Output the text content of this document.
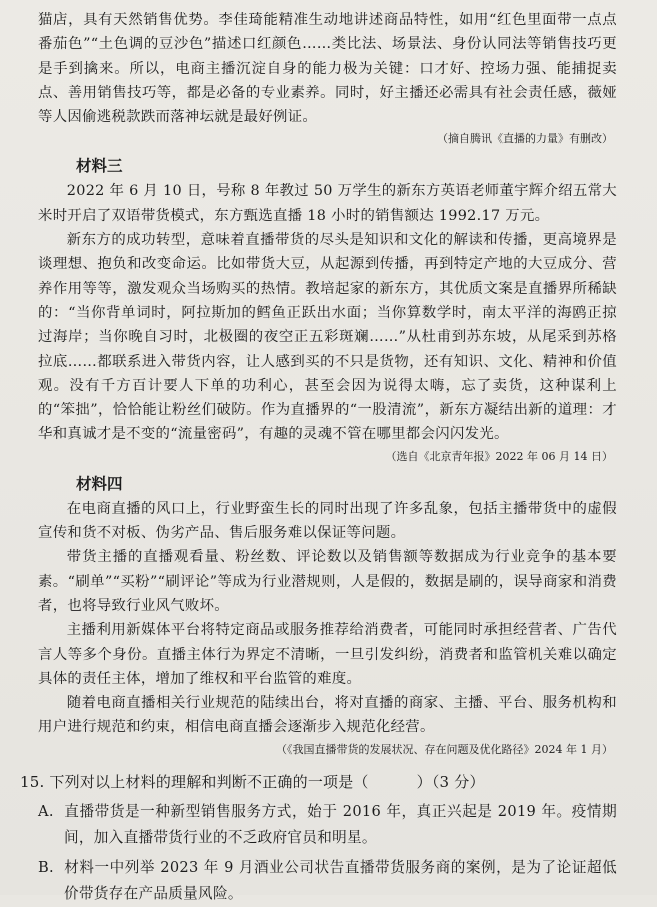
猫店，具有天然销售优势。李佳琦能精准生动地讲述商品特性，如用“红色里面带一点点番茄色”“土色调的豆沙色”描述口红颜色……类比法、场景法、身份认同法等销售技巧更是手到擒来。所以，电商主播沉淀自身的能力极为关键：口才好、控场力强、能捕捉卖点、善用销售技巧等，都是必备的专业素养。同时，好主播还必需具有社会责任感，薇娅等人因偷逃税款跌而落神坛就是最好例证。

（摘自腾讯《直播的力量》有删改）

材料三

2022 年 6 月 10 日，号称 8 年教过 50 万学生的新东方英语老师董宇辉介绍五常大米时开启了双语带货模式，东方甄选直播 18 小时的销售额达 1992.17 万元。

新东方的成功转型，意味着直播带货的尽头是知识和文化的解读和传播，更高境界是谈理想、抱负和改变命运。比如带货大豆，从起源到传播，再到特定产地的大豆成分、营养作用等等，激发观众当场购买的热情。教培起家的新东方，其优质文案是直播界所稀缺的：“当你背单词时，阿拉斯加的鳕鱼正跃出水面；当你算数学时，南太平洋的海鸥正掠过海岸；当你晚自习时，北极圈的夜空正五彩斑斓……”从杜甫到苏东坡，从尾采到苏格拉底……都联系进入带货内容，让人感到买的不只是货物，还有知识、文化、精神和价值观。没有千方百计要人下单的功利心，甚至会因为说得太嗨，忘了卖货，这种谋利上的“笨拙”，恰恰能让粉丝们破防。作为直播界的“一股清流”，新东方凝结出新的道理：才华和真诚才是不变的“流量密码”，有趣的灵魂不管在哪里都会闪闪发光。

（选自《北京青年报》2022 年 06 月 14 日）

材料四

在电商直播的风口上，行业野蛮生长的同时出现了许多乱象，包括主播带货中的虚假宣传和货不对板、伪劣产品、售后服务难以保证等问题。

带货主播的直播观看量、粉丝数、评论数以及销售额等数据成为行业竞争的基本要素。“刷单”“买粉”“刷评论”等成为行业潜规则，人是假的，数据是刷的，误导商家和消费者，也将导致行业风气败坏。

主播利用新媒体平台将特定商品或服务推荐给消费者，可能同时承担经营者、广告代言人等多个身份。直播主体行为界定不清晰，一旦引发纠纷，消费者和监管机关难以确定具体的责任主体，增加了维权和平台监管的难度。

随着电商直播相关行业规范的陆续出台，将对直播的商家、主播、平台、服务机构和用户进行规范和约束，相信电商直播会逐渐步入规范化经营。

（《我国直播带货的发展状况、存在问题及优化路径》2024 年 1 月）

15. 下列对以上材料的理解和判断不正确的一项是（	）（3 分）

A. 直播带货是一种新型销售服务方式，始于 2016 年，真正兴起是 2019 年。疫情期间，加入直播带货行业的不乏政府官员和明星。

B. 材料一中列举 2023 年 9 月酒业公司状告直播带货服务商的案例，是为了论证超低价带货存在产品质量风险。
